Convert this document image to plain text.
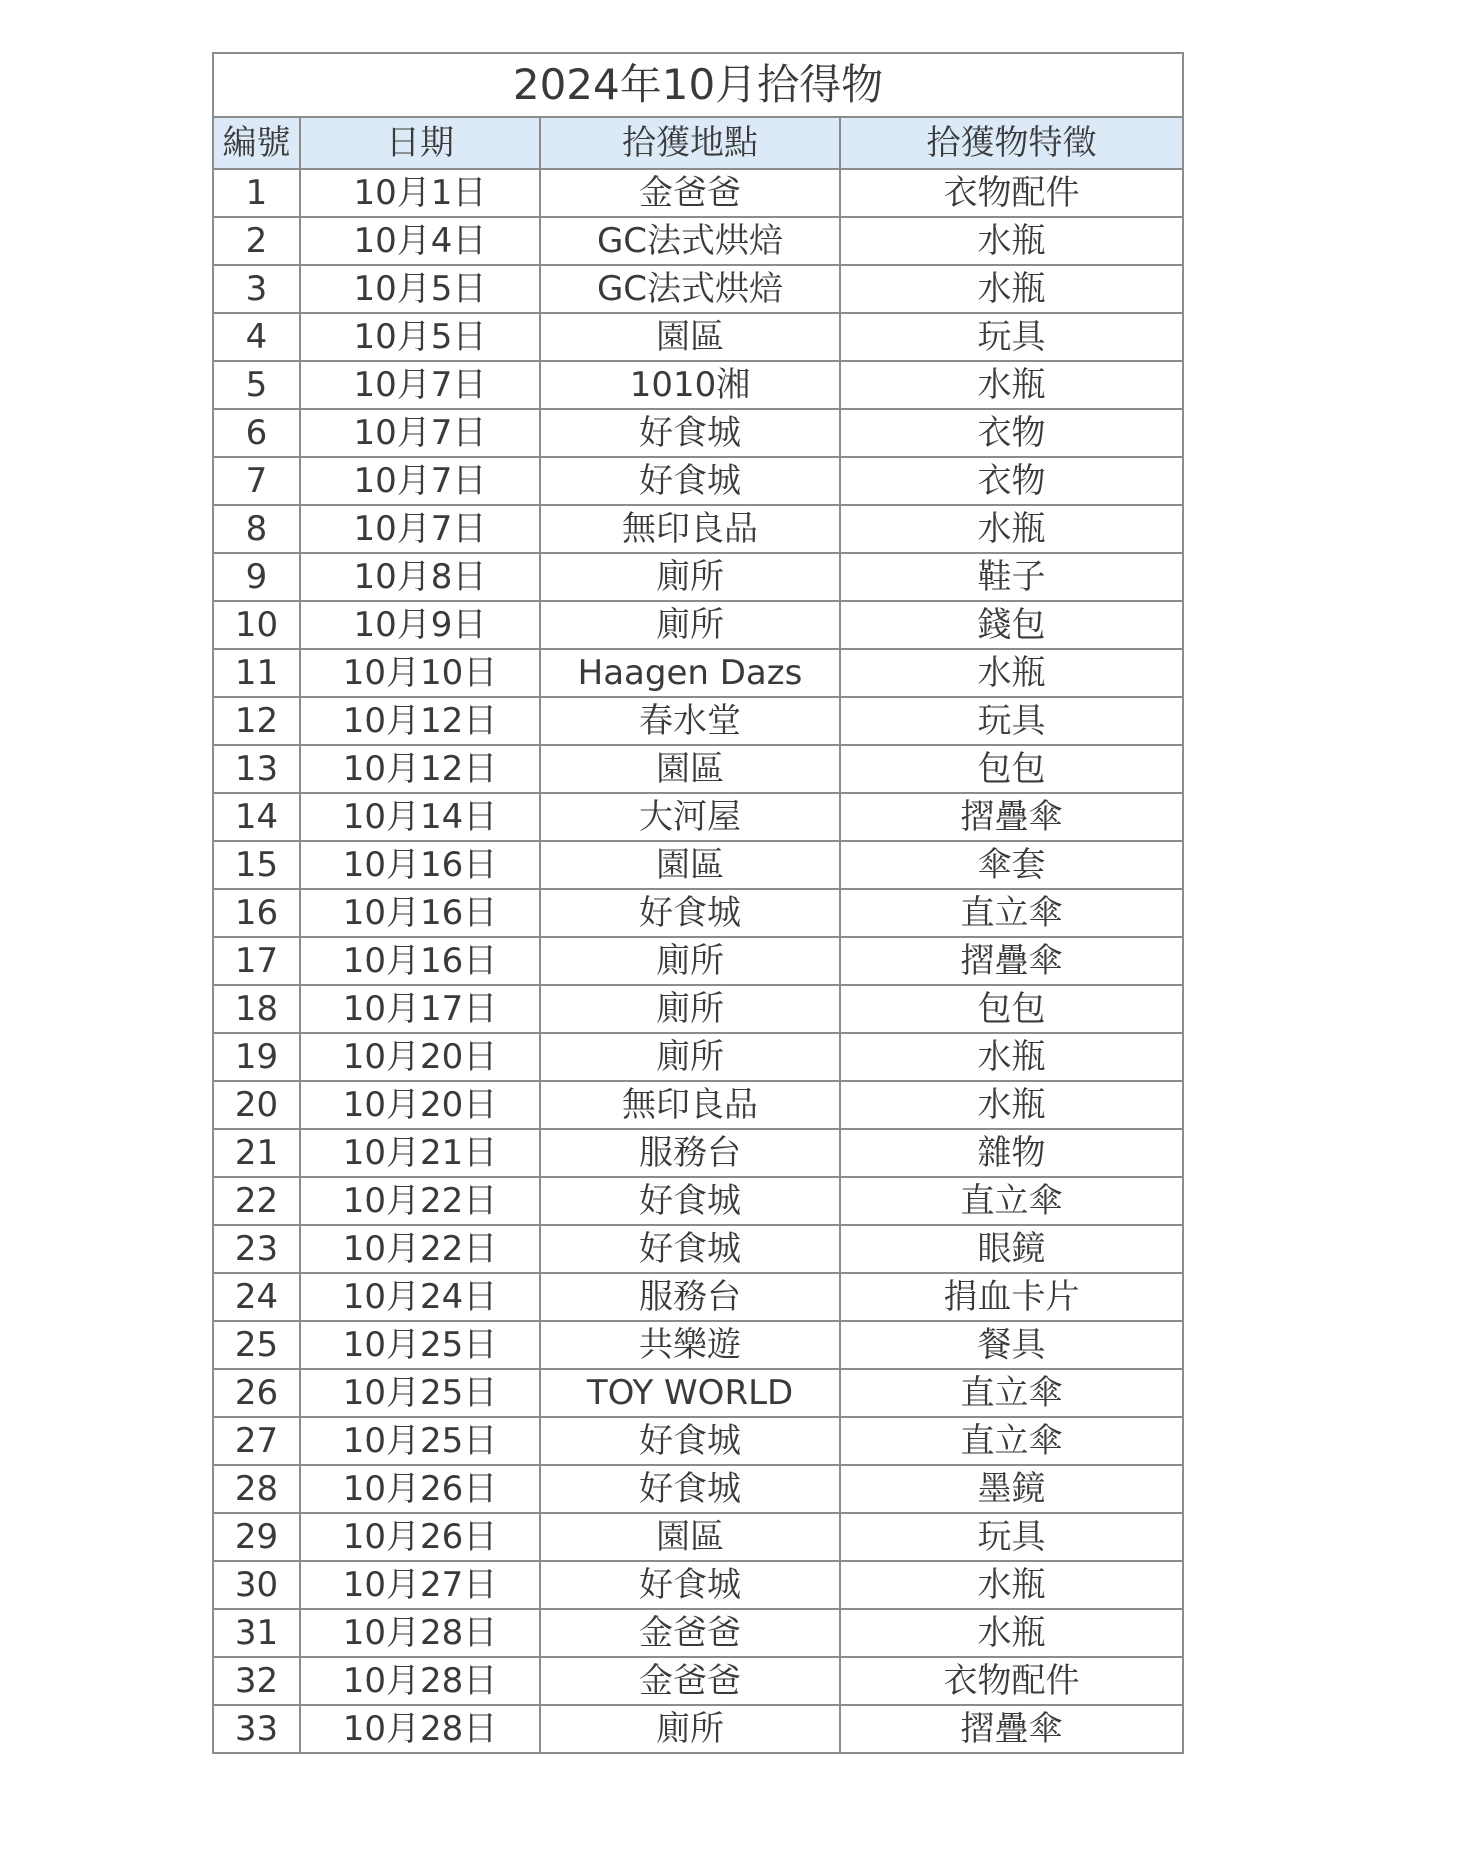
2024年10月拾得物			
編號	日期	拾獲地點	拾獲物特徵
1	10月1日	金爸爸	衣物配件
2	10月4日	GC法式烘焙	水瓶
3	10月5日	GC法式烘焙	水瓶
4	10月5日	園區	玩具
5	10月7日	1010湘	水瓶
6	10月7日	好食城	衣物
7	10月7日	好食城	衣物
8	10月7日	無印良品	水瓶
9	10月8日	廁所	鞋子
10	10月9日	廁所	錢包
11	10月10日	Haagen Dazs	水瓶
12	10月12日	春水堂	玩具
13	10月12日	園區	包包
14	10月14日	大河屋	摺疊傘
15	10月16日	園區	傘套
16	10月16日	好食城	直立傘
17	10月16日	廁所	摺疊傘
18	10月17日	廁所	包包
19	10月20日	廁所	水瓶
20	10月20日	無印良品	水瓶
21	10月21日	服務台	雜物
22	10月22日	好食城	直立傘
23	10月22日	好食城	眼鏡
24	10月24日	服務台	捐血卡片
25	10月25日	共樂遊	餐具
26	10月25日	TOY WORLD	直立傘
27	10月25日	好食城	直立傘
28	10月26日	好食城	墨鏡
29	10月26日	園區	玩具
30	10月27日	好食城	水瓶
31	10月28日	金爸爸	水瓶
32	10月28日	金爸爸	衣物配件
33	10月28日	廁所	摺疊傘
